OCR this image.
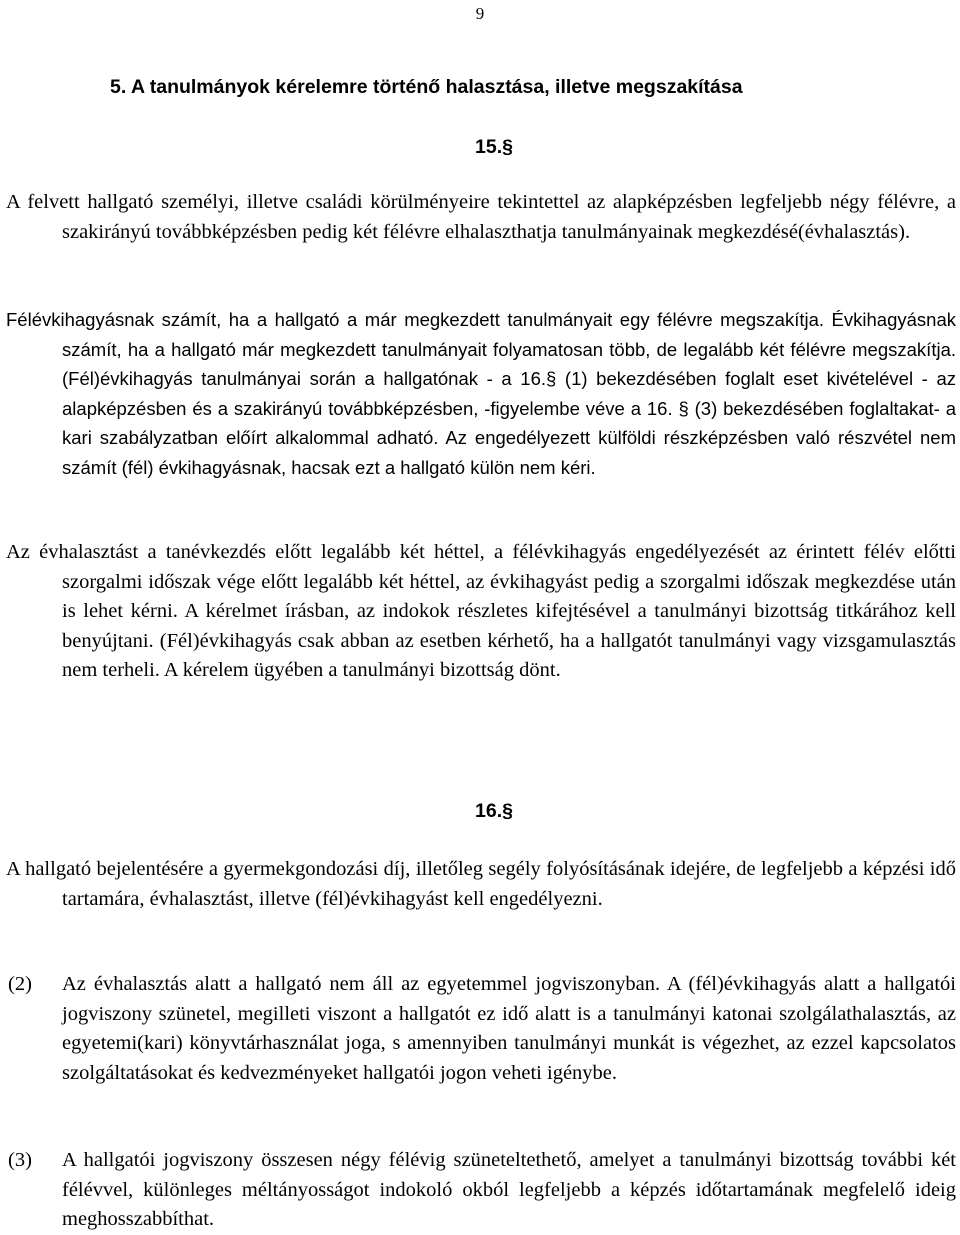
9
5. A tanulmányok kérelemre történő halasztása, illetve megszakítása
15.§
A felvett hallgató személyi, illetve családi körülményeire tekintettel az alapképzésben legfeljebb négy félévre, a szakirányú továbbképzésben pedig két félévre elhalaszthatja tanulmányainak megkezdésé(évhalasztás).
Félévkihagyásnak számít, ha a hallgató a már megkezdett tanulmányait egy félévre megszakítja. Évkihagyásnak számít, ha a hallgató már megkezdett tanulmányait folyamatosan több, de legalább két félévre megszakítja. (Fél)évkihagyás tanulmányai során a hallgatónak - a 16.§ (1) bekezdésében foglalt eset kivételével - az alapképzésben és a szakirányú továbbképzésben, -figyelembe véve a 16. § (3) bekezdésében foglaltakat- a kari szabályzatban előírt alkalommal adható. Az engedélyezett külföldi részképzésben való részvétel nem számít (fél) évkihagyásnak, hacsak ezt a hallgató külön nem kéri.
Az évhalasztást a tanévkezdés előtt legalább két héttel, a félévkihagyás engedélyezését az érintett félév előtti szorgalmi időszak vége előtt legalább két héttel, az évkihagyást pedig a szorgalmi időszak megkezdése után is lehet kérni. A kérelmet írásban, az indokok részletes kifejtésével a tanulmányi bizottság titkárához kell benyújtani. (Fél)évkihagyás csak abban az esetben kérhető, ha a hallgatót tanulmányi vagy vizsgamulasztás nem terheli. A kérelem ügyében a tanulmányi bizottság dönt.
16.§
A hallgató bejelentésére a gyermekgondozási díj, illetőleg segély folyósításának idejére, de legfeljebb a képzési idő tartamára, évhalasztást, illetve (fél)évkihagyást kell engedélyezni.
(2)	Az évhalasztás alatt a hallgató nem áll az egyetemmel jogviszonyban. A (fél)évkihagyás alatt a hallgatói jogviszony szünetel, megilleti viszont a hallgatót ez idő alatt is a tanulmányi katonai szolgálathalasztás, az egyetemi(kari) könyvtárhasználat joga, s amennyiben tanulmányi munkát is végezhet, az ezzel kapcsolatos szolgáltatásokat és kedvezményeket hallgatói jogon veheti igénybe.
(3)	A hallgatói jogviszony összesen négy félévig szüneteltethető, amelyet a tanulmányi bizottság további két félévvel, különleges méltányosságot indokoló okból legfeljebb a képzés időtartamának megfelelő ideig meghosszabbíthat.
